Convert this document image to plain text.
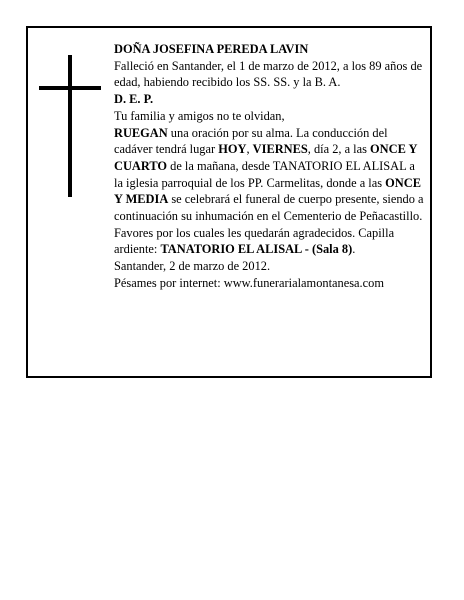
DOÑA JOSEFINA PEREDA LAVIN

Falleció en Santander, el 1 de marzo de 2012, a los 89 años de edad, habiendo recibido los SS. SS. y la B. A.

D. E. P.

Tu familia y amigos no te olvidan,

RUEGAN una oración por su alma. La conducción del cadáver tendrá lugar HOY, VIERNES, día 2, a las ONCE Y CUARTO de la mañana, desde TANATORIO EL ALISAL a la iglesia parroquial de los PP. Carmelitas, donde a las ONCE Y MEDIA se celebrará el funeral de cuerpo presente, siendo a continuación su inhumación en el Cementerio de Peñacastillo. Favores por los cuales les quedarán agradecidos. Capilla ardiente: TANATORIO EL ALISAL - (Sala 8).

Santander, 2 de marzo de 2012.

Pésames por internet: www.funerarialamontanesa.com
